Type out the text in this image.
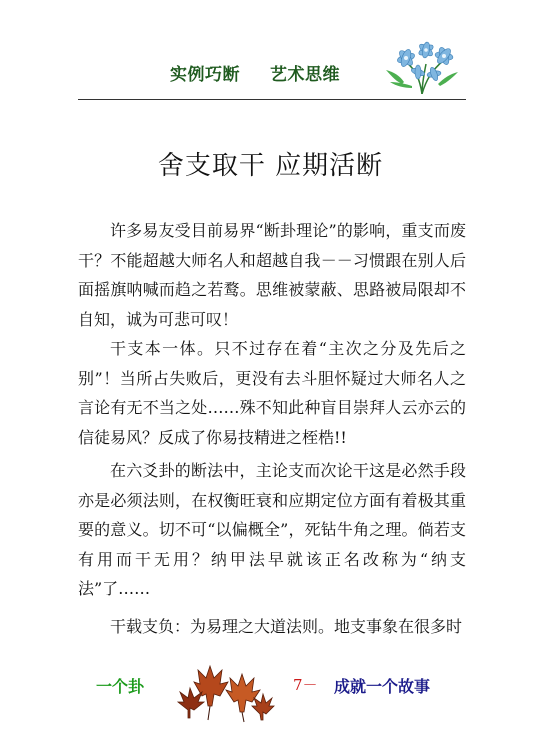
实例巧断 艺术思维
舍支取干 应期活断

许多易友受目前易界“断卦理论”的影响，重支而废干？不能超越大师名人和超越自我－－习惯跟在别人后面摇旗呐喊而趋之若鹜。思维被蒙蔽、思路被局限却不自知，诚为可悲可叹！

干支本一体。只不过存在着“主次之分及先后之别”！当所占失败后，更没有去斗胆怀疑过大师名人之言论有无不当之处……殊不知此种盲目崇拜人云亦云的信徒易风？反成了你易技精进之桎梏!!

在六爻卦的断法中，主论支而次论干这是必然手段亦是必须法则，在权衡旺衰和应期定位方面有着极其重要的意义。切不可“以偏概全”，死钻牛角之理。倘若支有用而干无用？纳甲法早就该正名改称为“纳支法”了……

干载支负：为易理之大道法则。地支事象在很多时

一个卦	7－ 成就一个故事
